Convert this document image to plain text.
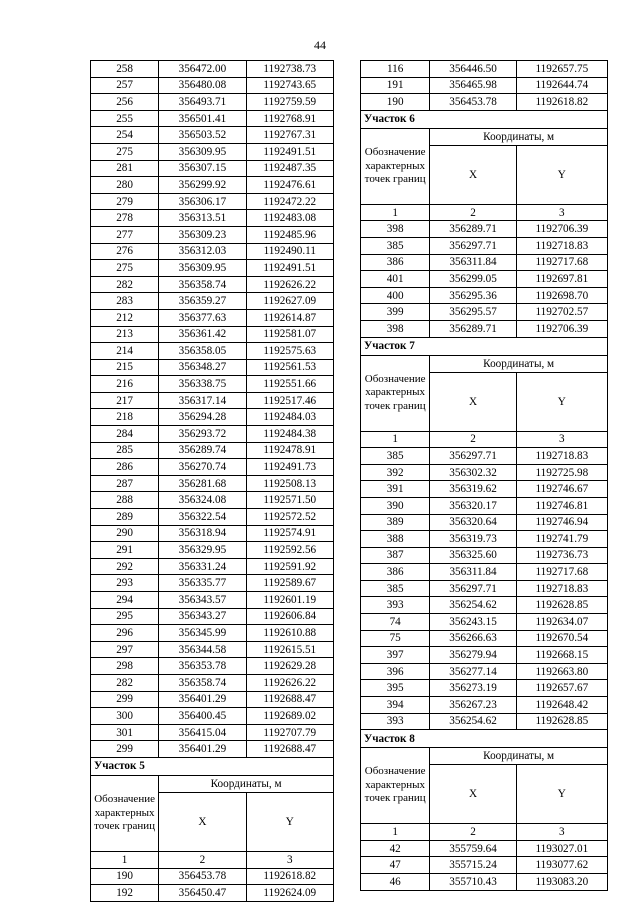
44
258	356472.00	1192738.73
257	356480.08	1192743.65
256	356493.71	1192759.59
255	356501.41	1192768.91
254	356503.52	1192767.31
275	356309.95	1192491.51
281	356307.15	1192487.35
280	356299.92	1192476.61
279	356306.17	1192472.22
278	356313.51	1192483.08
277	356309.23	1192485.96
276	356312.03	1192490.11
275	356309.95	1192491.51
282	356358.74	1192626.22
283	356359.27	1192627.09
212	356377.63	1192614.87
213	356361.42	1192581.07
214	356358.05	1192575.63
215	356348.27	1192561.53
216	356338.75	1192551.66
217	356317.14	1192517.46
218	356294.28	1192484.03
284	356293.72	1192484.38
285	356289.74	1192478.91
286	356270.74	1192491.73
287	356281.68	1192508.13
288	356324.08	1192571.50
289	356322.54	1192572.52
290	356318.94	1192574.91
291	356329.95	1192592.56
292	356331.24	1192591.92
293	356335.77	1192589.67
294	356343.57	1192601.19
295	356343.27	1192606.84
296	356345.99	1192610.88
297	356344.58	1192615.51
298	356353.78	1192629.28
282	356358.74	1192626.22
299	356401.29	1192688.47
300	356400.45	1192689.02
301	356415.04	1192707.79
299	356401.29	1192688.47
Участок 5		
Обозначение характерных точек границ	Координаты, м	
	X	Y
1	2	3
190	356453.78	1192618.82
192	356450.47	1192624.09
116	356446.50	1192657.75
191	356465.98	1192644.74
190	356453.78	1192618.82
Участок 6		
Обозначение характерных точек границ	Координаты, м	
	X	Y
1	2	3
398	356289.71	1192706.39
385	356297.71	1192718.83
386	356311.84	1192717.68
401	356299.05	1192697.81
400	356295.36	1192698.70
399	356295.57	1192702.57
398	356289.71	1192706.39
Участок 7		
Обозначение характерных точек границ	Координаты, м	
	X	Y
1	2	3
385	356297.71	1192718.83
392	356302.32	1192725.98
391	356319.62	1192746.67
390	356320.17	1192746.81
389	356320.64	1192746.94
388	356319.73	1192741.79
387	356325.60	1192736.73
386	356311.84	1192717.68
385	356297.71	1192718.83
393	356254.62	1192628.85
74	356243.15	1192634.07
75	356266.63	1192670.54
397	356279.94	1192668.15
396	356277.14	1192663.80
395	356273.19	1192657.67
394	356267.23	1192648.42
393	356254.62	1192628.85
Участок 8		
Обозначение характерных точек границ	Координаты, м	
	X	Y
1	2	3
42	355759.64	1193027.01
47	355715.24	1193077.62
46	355710.43	1193083.20
